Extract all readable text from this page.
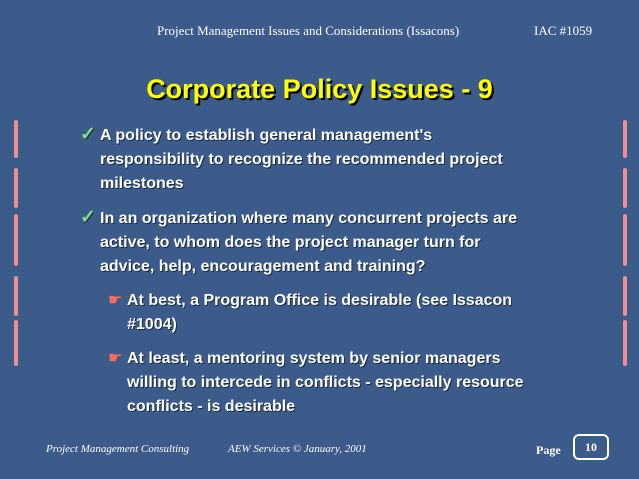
Project Management Issues and Considerations (Issacons)	IAC #1059
Corporate Policy Issues - 9
✓ A policy to establish general management's
responsibility to recognize the recommended project
milestones
✓ In an organization where many concurrent projects are
active, to whom does the project manager turn for
advice, help, encouragement and training?
☛ At best, a Program Office is desirable (see Issacon
#1004)
☛ At least, a mentoring system by senior managers
willing to intercede in conflicts - especially resource
conflicts - is desirable
Project Management Consulting	AEW Services © January, 2001	Page	10
